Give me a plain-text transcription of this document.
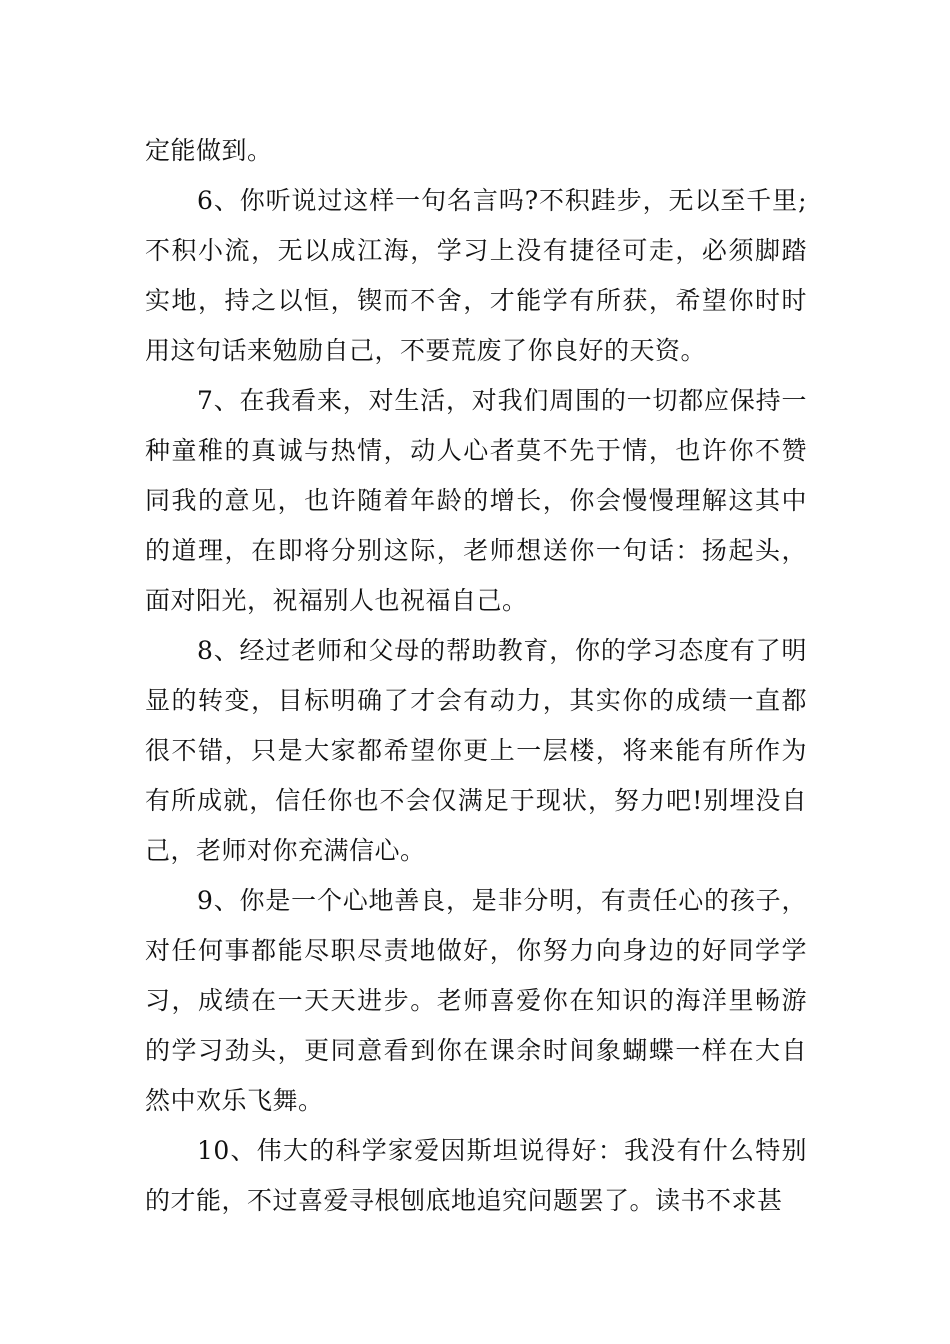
定能做到。

6、你听说过这样一句名言吗?不积跬步，无以至千里;不积小流，无以成江海，学习上没有捷径可走，必须脚踏实地，持之以恒，锲而不舍，才能学有所获，希望你时时用这句话来勉励自己，不要荒废了你良好的天资。

7、在我看来，对生活，对我们周围的一切都应保持一种童稚的真诚与热情，动人心者莫不先于情，也许你不赞同我的意见，也许随着年龄的增长，你会慢慢理解这其中的道理，在即将分别这际，老师想送你一句话：扬起头，面对阳光，祝福别人也祝福自己。

8、经过老师和父母的帮助教育，你的学习态度有了明显的转变，目标明确了才会有动力，其实你的成绩一直都很不错，只是大家都希望你更上一层楼，将来能有所作为有所成就，信任你也不会仅满足于现状，努力吧!别埋没自己，老师对你充满信心。

9、你是一个心地善良，是非分明，有责任心的孩子，对任何事都能尽职尽责地做好，你努力向身边的好同学学习，成绩在一天天进步。老师喜爱你在知识的海洋里畅游的学习劲头，更同意看到你在课余时间象蝴蝶一样在大自然中欢乐飞舞。

10、伟大的科学家爱因斯坦说得好：我没有什么特别的才能，不过喜爱寻根刨底地追究问题罢了。读书不求甚
